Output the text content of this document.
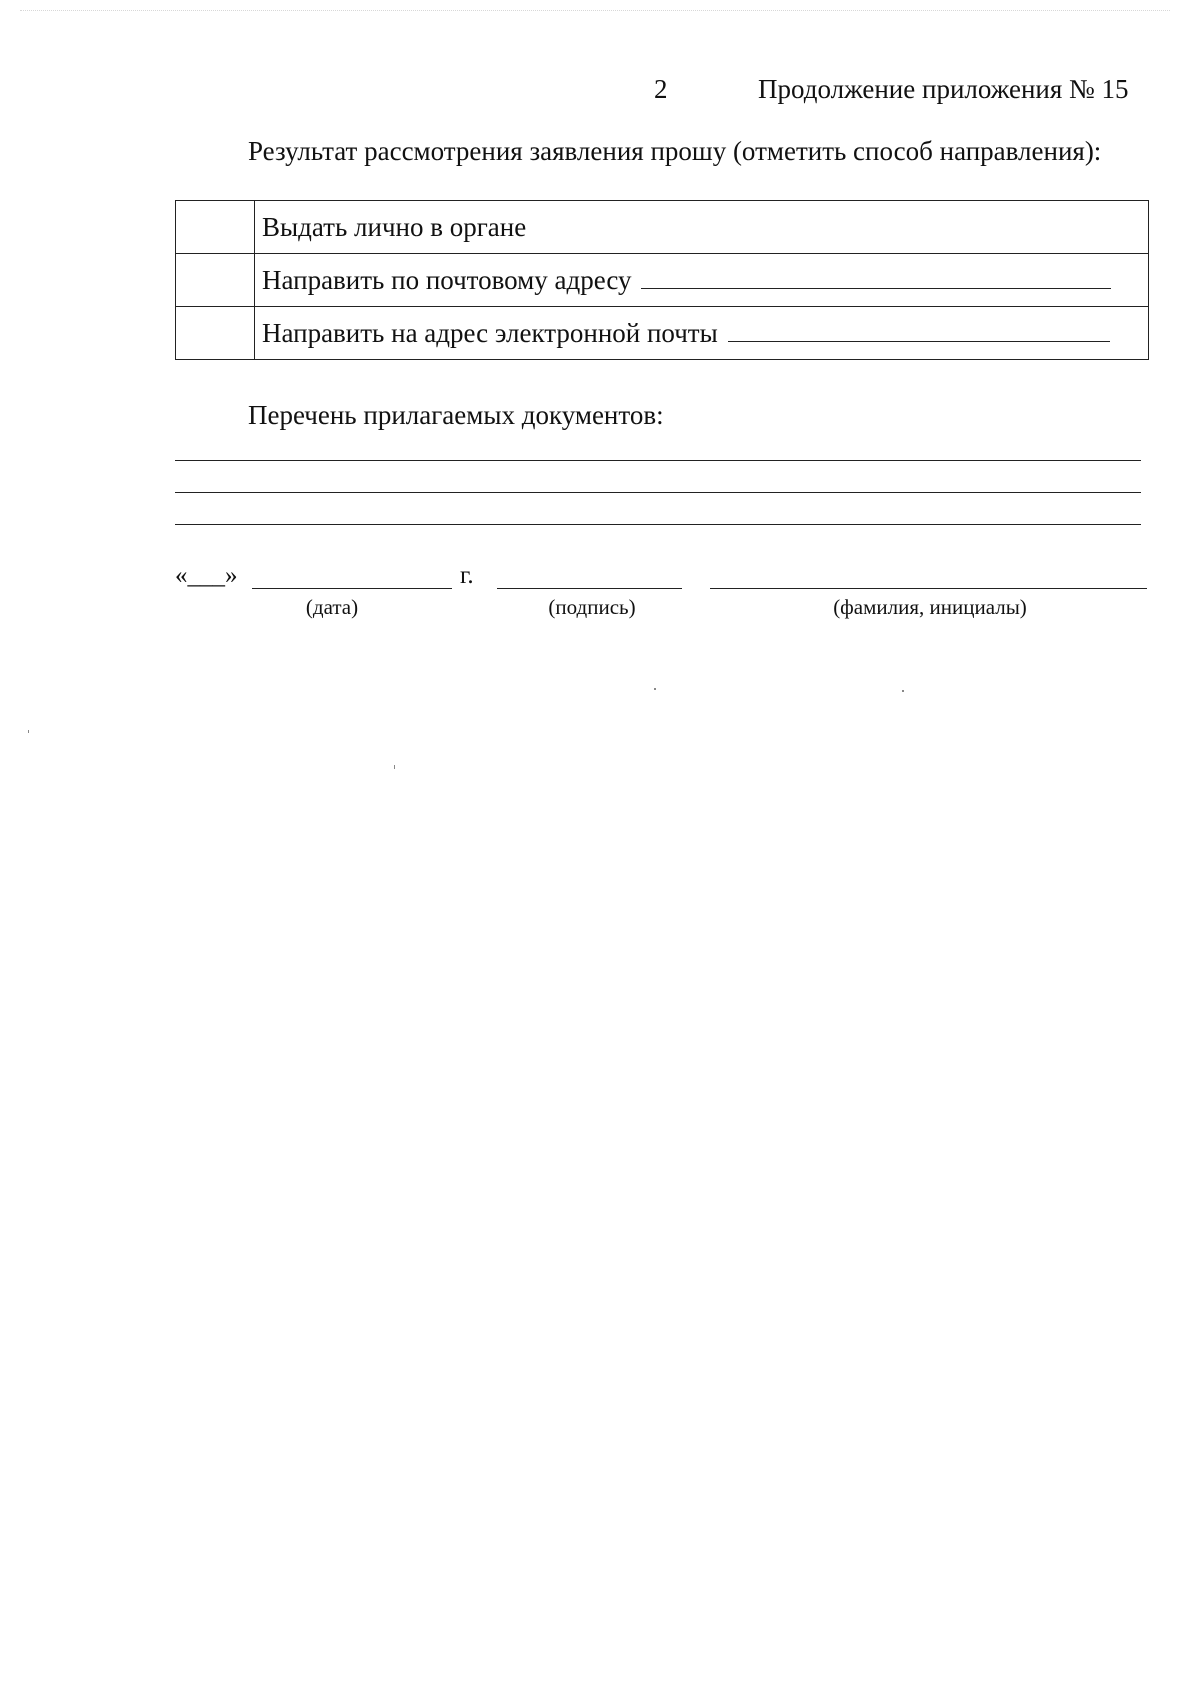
2	Продолжение приложения № 15
Результат рассмотрения заявления прошу (отметить способ направления):
	Выдать лично в органе

	Направить по почтовому адресу

	Направить на адрес электронной почты
Перечень прилагаемых документов:
«___»	г.
(дата)	(подпись)	(фамилия, инициалы)
